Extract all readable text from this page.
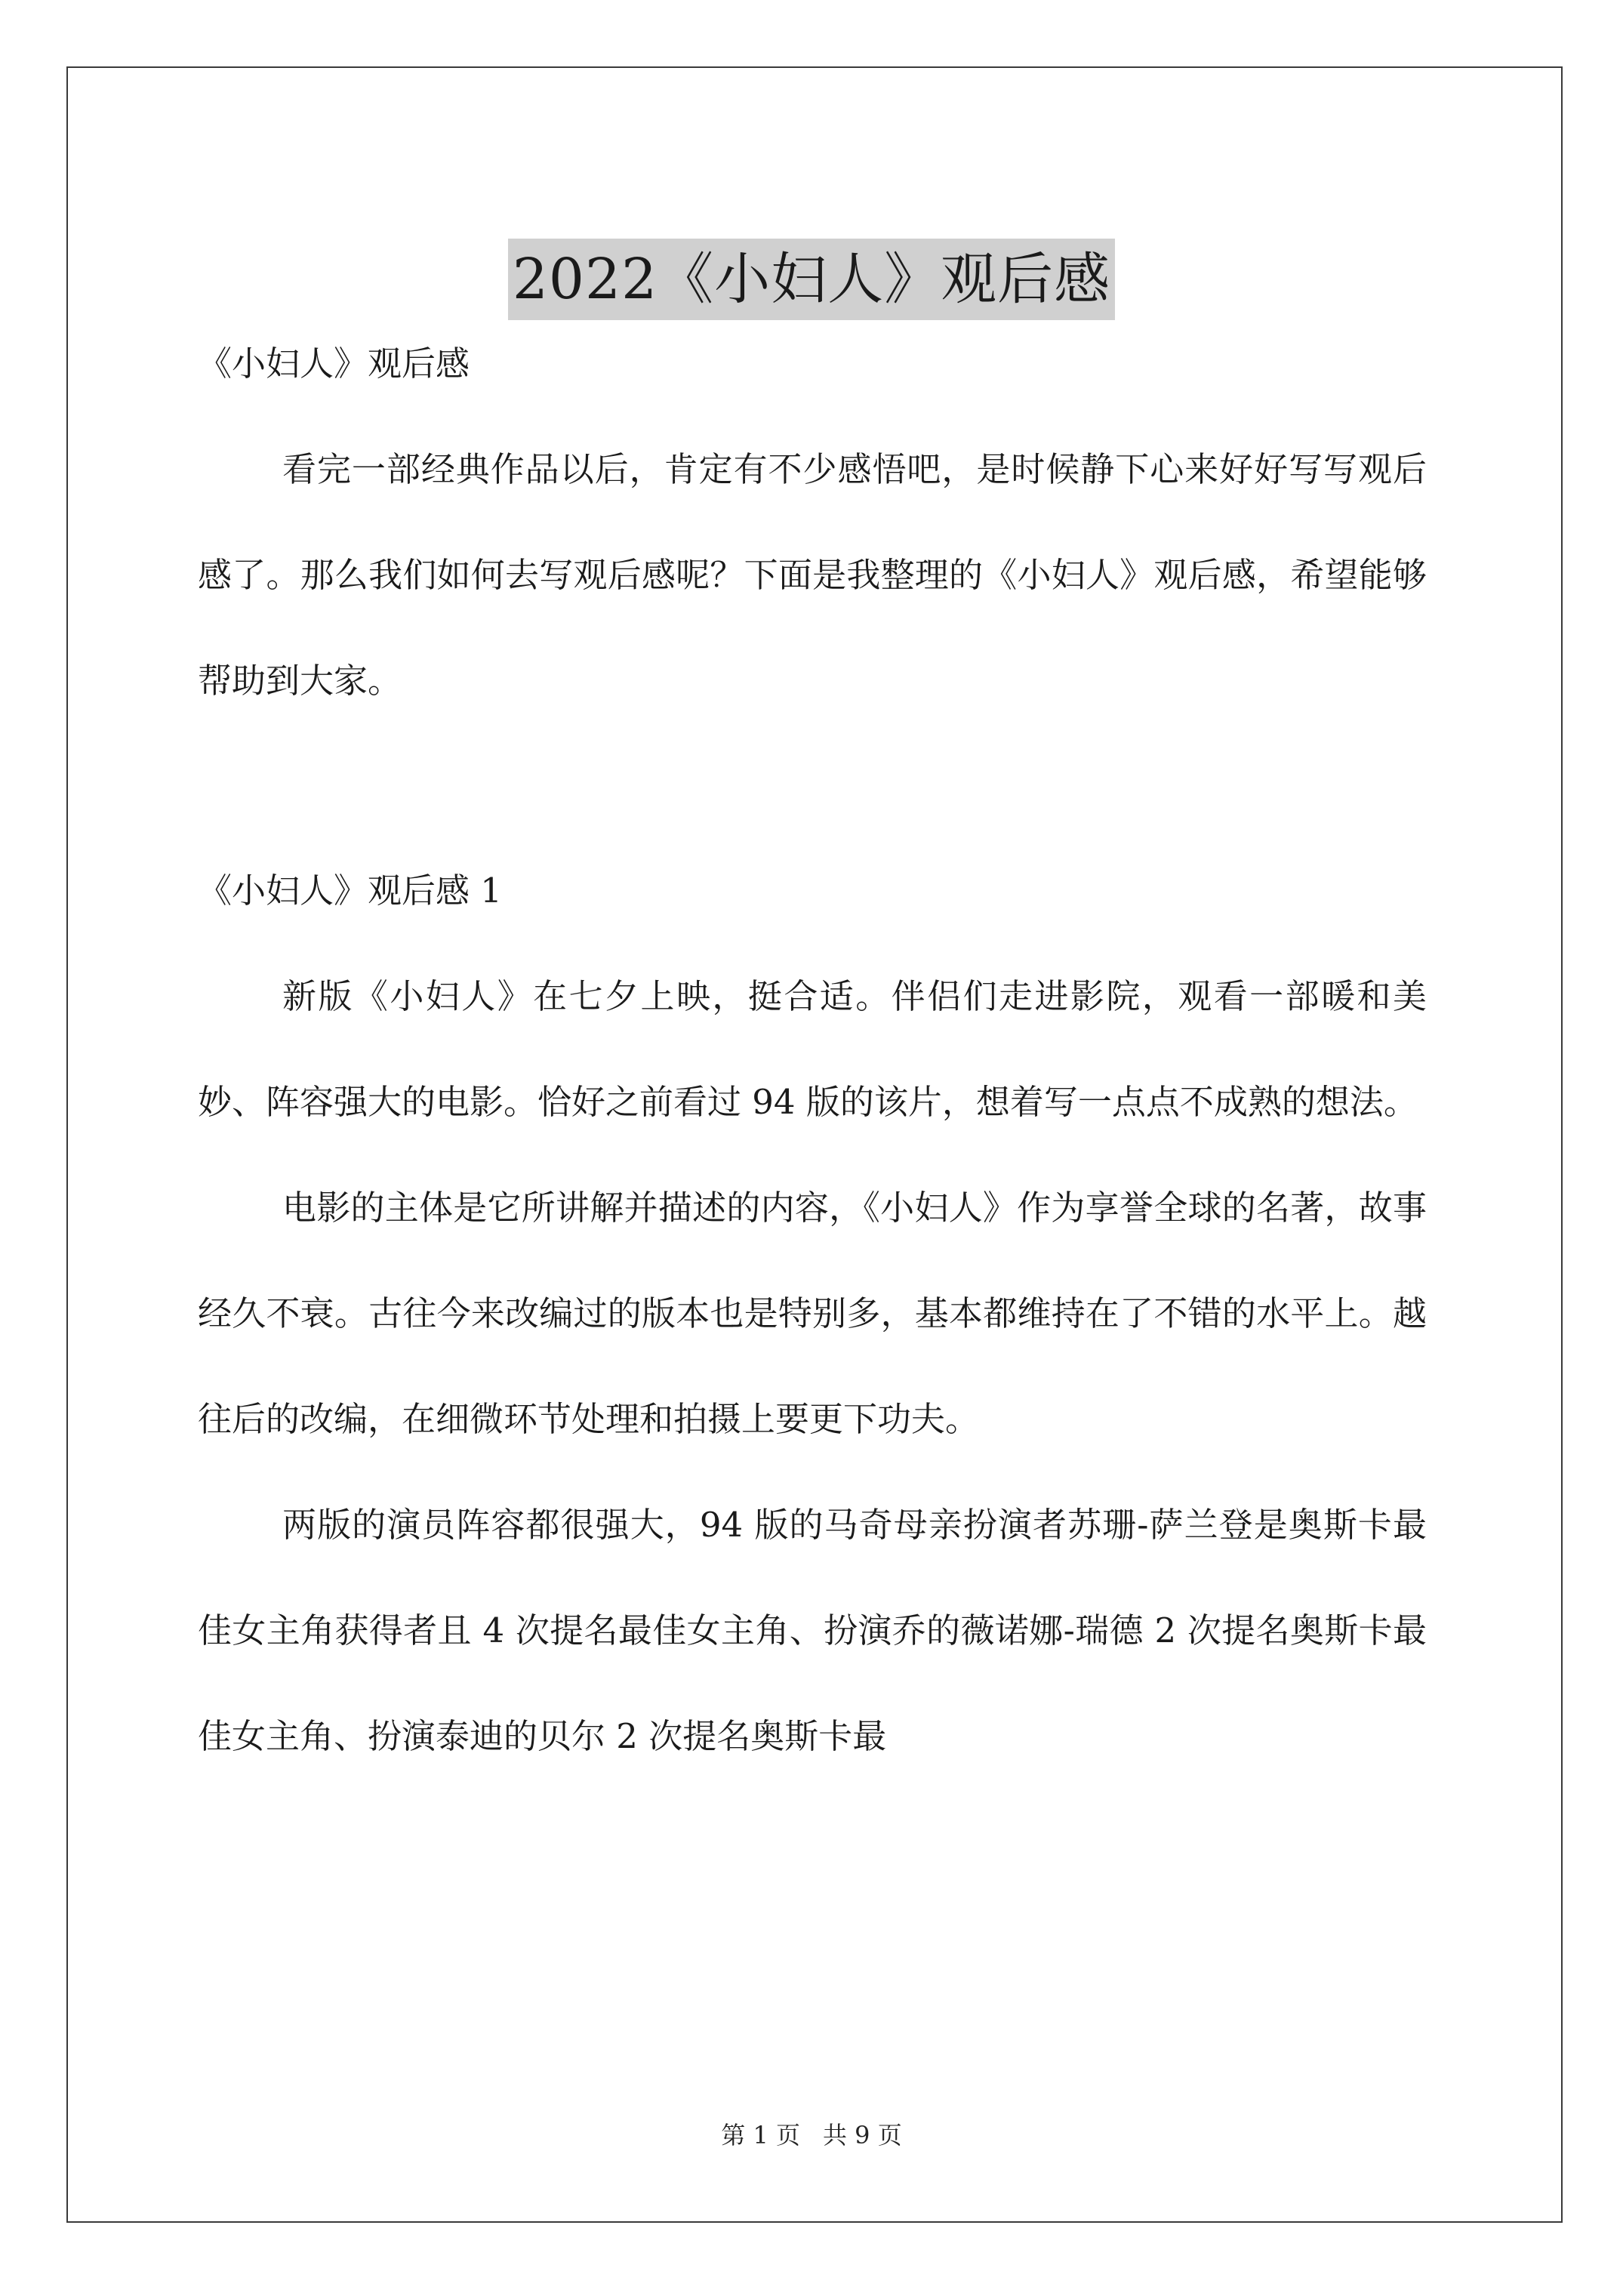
2022《小妇人》观后感

《小妇人》观后感

看完一部经典作品以后，肯定有不少感悟吧，是时候静下心来好好写写观后感了。那么我们如何去写观后感呢？下面是我整理的《小妇人》观后感，希望能够帮助到大家。

《小妇人》观后感 1

新版《小妇人》在七夕上映，挺合适。伴侣们走进影院，观看一部暖和美妙、阵容强大的电影。恰好之前看过 94 版的该片，想着写一点点不成熟的想法。

电影的主体是它所讲解并描述的内容，《小妇人》作为享誉全球的名著，故事经久不衰。古往今来改编过的版本也是特别多，基本都维持在了不错的水平上。越往后的改编，在细微环节处理和拍摄上要更下功夫。

两版的演员阵容都很强大，94 版的马奇母亲扮演者苏珊-萨兰登是奥斯卡最佳女主角获得者且 4 次提名最佳女主角、扮演乔的薇诺娜-瑞德 2 次提名奥斯卡最佳女主角、扮演泰迪的贝尔 2 次提名奥斯卡最

第 1 页 共 9 页
